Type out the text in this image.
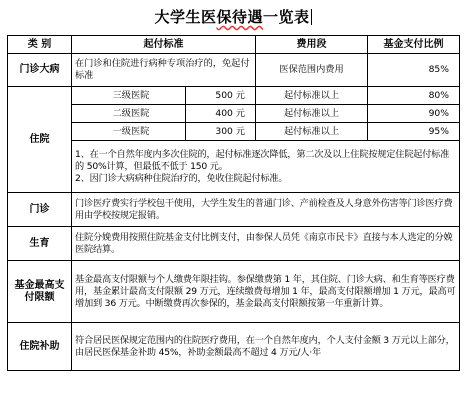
大学生医保待遇一览表
类 别	起付标准		费用段	基金支付比例
门诊大病	在门诊和住院进行病种专项治疗的，免起付标准		医保范围内费用	85%
住院	三级医院	500 元	起付标准以上	80%
	二级医院	400 元	起付标准以上	90%
	一级医院	300 元	起付标准以上	95%

	1、在一个自然年度内多次住院的，起付标准逐次降低，第二次及以上住院按规定住院起付标准的 50%计算，但最低不低于 150 元。
2、因门诊大病病种住院治疗的，免收住院起付标准。			

门诊	门诊医疗费实行学校包干使用，大学生发生的普通门诊、产前检查及人身意外伤害等门诊医疗费用由学校按规定报销。			
生育	住院分娩费用按照住院基金支付比例支付，由参保人员凭《南京市民卡》直接与本人选定的分娩医院结算。			
基金最高支付限额	基金最高支付限额与个人缴费年限挂钩。参保缴费第 1 年，其住院、门诊大病、和生育等医疗费用，基金累计最高支付限额 29 万元，连续缴费每增加 1 年，最高支付限额增加 1 万元，最高可增加到 36 万元。中断缴费再次参保的，基金最高支付限额按第一年重新计算。			
住院补助	符合居民医保规定范围内的住院医疗费用，在一个自然年度内，个人支付金额 3 万元以上部分，由居民医保基金补助 45%，补助金额最高不超过 4 万元/人·年			
